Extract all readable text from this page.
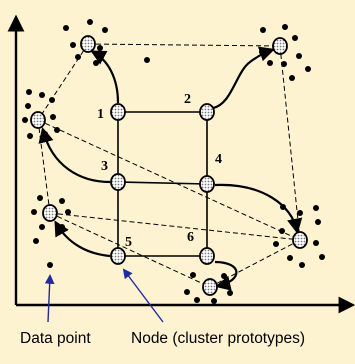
1
2
3	4
5	6
Data point	Node (cluster prototypes)
